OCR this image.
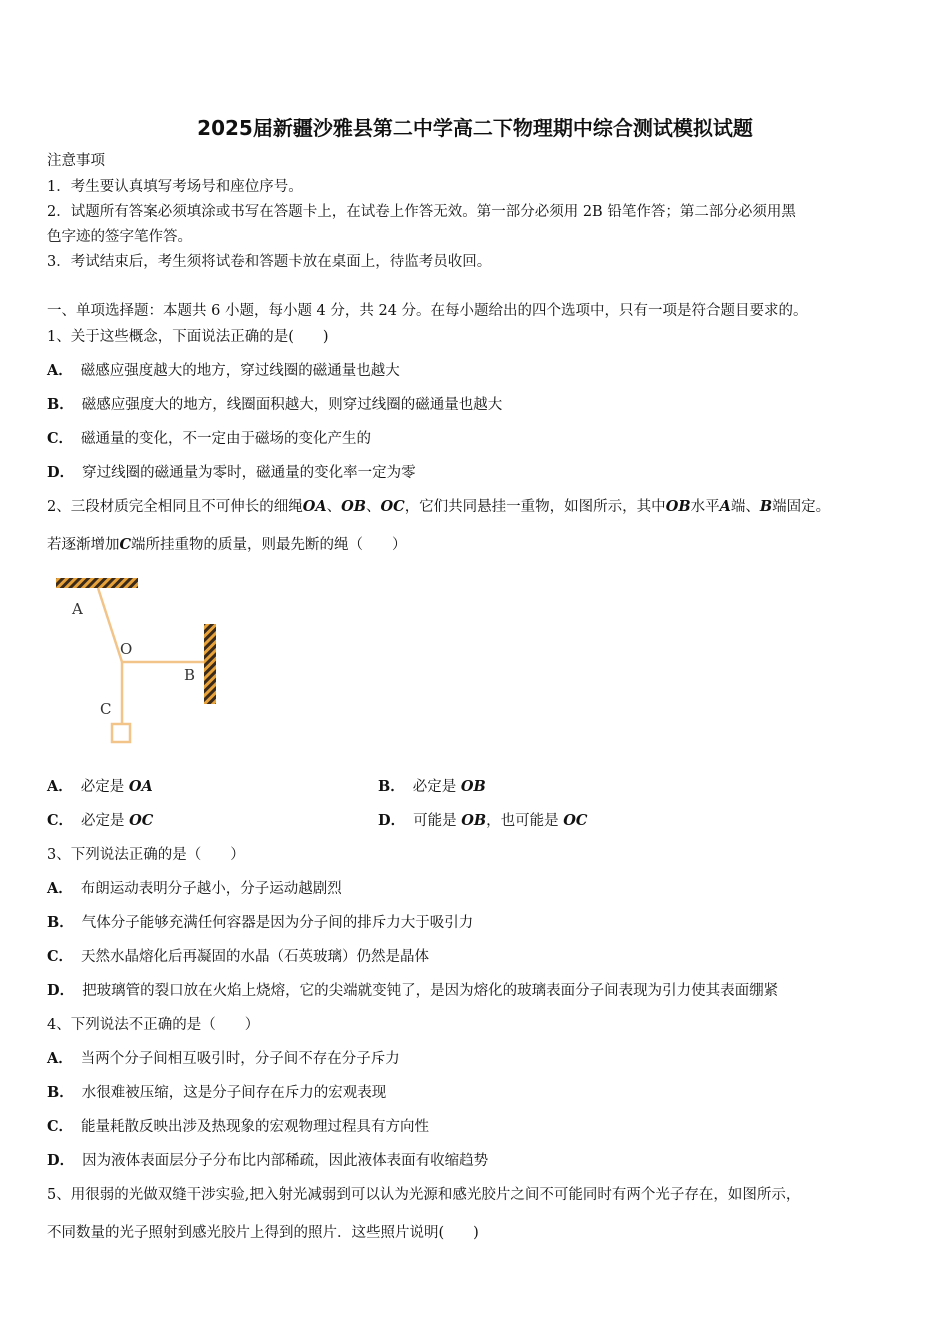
2025届新疆沙雅县第二中学高二下物理期中综合测试模拟试题
注意事项
1．考生要认真填写考场号和座位序号。
2．试题所有答案必须填涂或书写在答题卡上，在试卷上作答无效。第一部分必须用 2B 铅笔作答；第二部分必须用黑
色字迹的签字笔作答。
3．考试结束后，考生须将试卷和答题卡放在桌面上，待监考员收回。
一、单项选择题：本题共 6 小题，每小题 4 分，共 24 分。在每小题给出的四个选项中，只有一项是符合题目要求的。
1、关于这些概念，下面说法正确的是(　　)
A． 磁感应强度越大的地方，穿过线圈的磁通量也越大
B． 磁感应强度大的地方，线圈面积越大，则穿过线圈的磁通量也越大
C． 磁通量的变化，不一定由于磁场的变化产生的
D． 穿过线圈的磁通量为零时，磁通量的变化率一定为零
2、三段材质完全相同且不可伸长的细绳OA、OB、OC，它们共同悬挂一重物，如图所示，其中OB水平A端、B端固定。
若逐渐增加C端所挂重物的质量，则最先断的绳（　　）
A
O
B
C
A． 必定是 OA	B． 必定是 OB
C． 必定是 OC	D． 可能是 OB，也可能是 OC
3、下列说法正确的是（　　）
A． 布朗运动表明分子越小，分子运动越剧烈
B． 气体分子能够充满任何容器是因为分子间的排斥力大于吸引力
C． 天然水晶熔化后再凝固的水晶（石英玻璃）仍然是晶体
D． 把玻璃管的裂口放在火焰上烧熔，它的尖端就变钝了，是因为熔化的玻璃表面分子间表现为引力使其表面绷紧
4、下列说法不正确的是（　　）
A． 当两个分子间相互吸引时，分子间不存在分子斥力
B． 水很难被压缩，这是分子间存在斥力的宏观表现
C． 能量耗散反映出涉及热现象的宏观物理过程具有方向性
D． 因为液体表面层分子分布比内部稀疏，因此液体表面有收缩趋势
5、用很弱的光做双缝干涉实验,把入射光减弱到可以认为光源和感光胶片之间不可能同时有两个光子存在，如图所示，
不同数量的光子照射到感光胶片上得到的照片．这些照片说明(　　)
